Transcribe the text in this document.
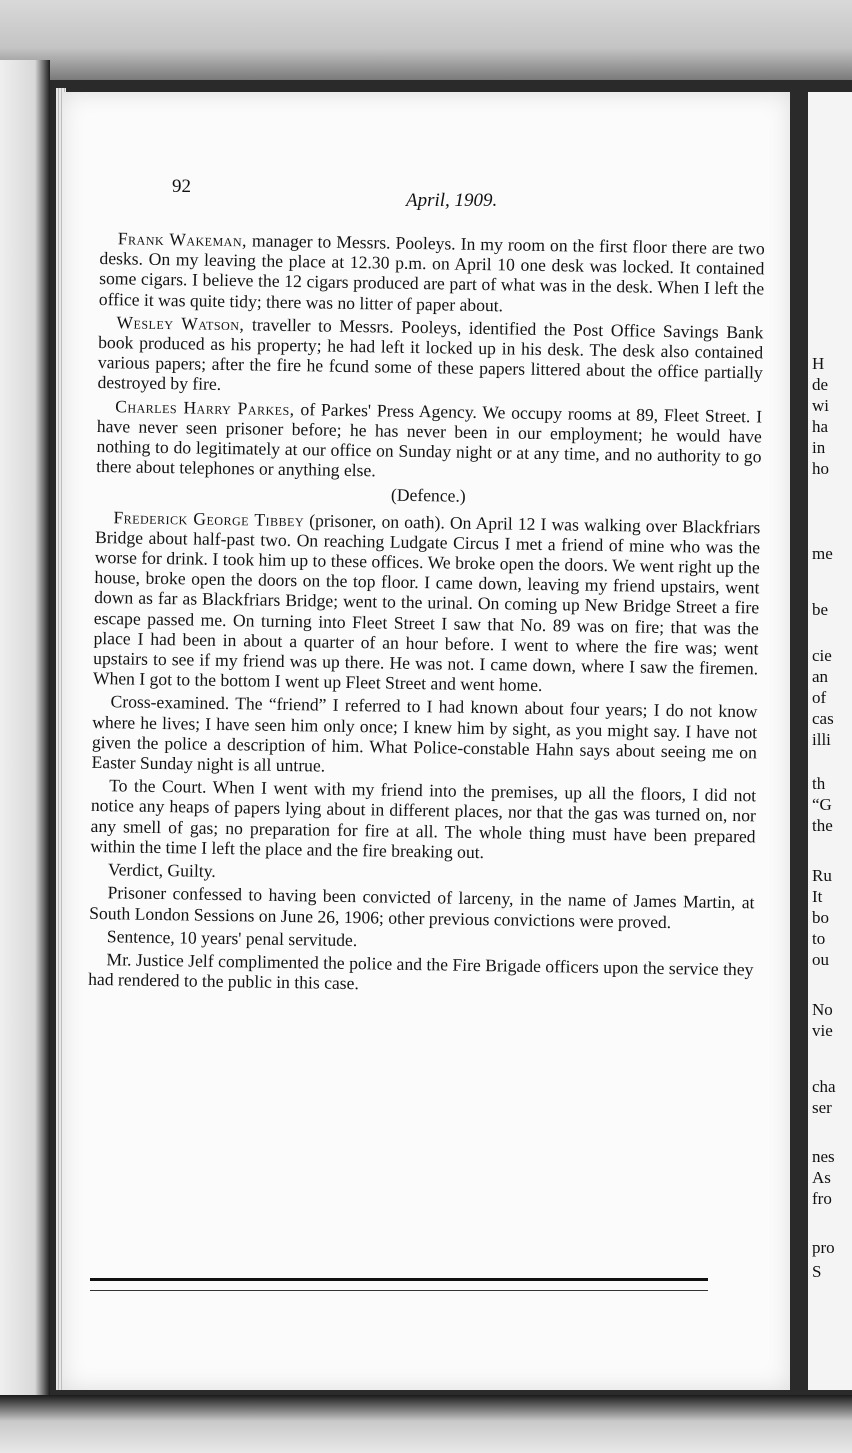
H
de
wi
ha
in
ho
me
be
cie
an
of
cas
illi
th
“G
the
Ru
It
bo
to
ou
No
vie
cha
ser
nes
As
fro
pro
S
92
April, 1909.

Frank Wakeman, manager to Messrs. Pooleys. In my room on the first floor there are two desks. On my leaving the place at 12.30 p.m. on April 10 one desk was locked. It contained some cigars. I believe the 12 cigars produced are part of what was in the desk. When I left the office it was quite tidy; there was no litter of paper about.

Wesley Watson, traveller to Messrs. Pooleys, identified the Post Office Savings Bank book produced as his property; he had left it locked up in his desk. The desk also contained various papers; after the fire he fcund some of these papers littered about the office partially destroyed by fire.

Charles Harry Parkes, of Parkes' Press Agency. We occupy rooms at 89, Fleet Street. I have never seen prisoner before; he has never been in our employment; he would have nothing to do legitimately at our office on Sunday night or at any time, and no authority to go there about telephones or anything else.

(Defence.)

Frederick George Tibbey (prisoner, on oath). On April 12 I was walking over Blackfriars Bridge about half-past two. On reaching Ludgate Circus I met a friend of mine who was the worse for drink. I took him up to these offices. We broke open the doors. We went right up the house, broke open the doors on the top floor. I came down, leaving my friend upstairs, went down as far as Blackfriars Bridge; went to the urinal. On coming up New Bridge Street a fire escape passed me. On turning into Fleet Street I saw that No. 89 was on fire; that was the place I had been in about a quarter of an hour before. I went to where the fire was; went upstairs to see if my friend was up there. He was not. I came down, where I saw the firemen. When I got to the bottom I went up Fleet Street and went home.

Cross-examined. The “friend” I referred to I had known about four years; I do not know where he lives; I have seen him only once; I knew him by sight, as you might say. I have not given the police a description of him. What Police-constable Hahn says about seeing me on Easter Sunday night is all untrue.

To the Court. When I went with my friend into the premises, up all the floors, I did not notice any heaps of papers lying about in different places, nor that the gas was turned on, nor any smell of gas; no preparation for fire at all. The whole thing must have been prepared within the time I left the place and the fire breaking out.

Verdict, Guilty.

Prisoner confessed to having been convicted of larceny, in the name of James Martin, at South London Sessions on June 26, 1906; other previous convictions were proved.

Sentence, 10 years' penal servitude.

Mr. Justice Jelf complimented the police and the Fire Brigade officers upon the service they had rendered to the public in this case.
